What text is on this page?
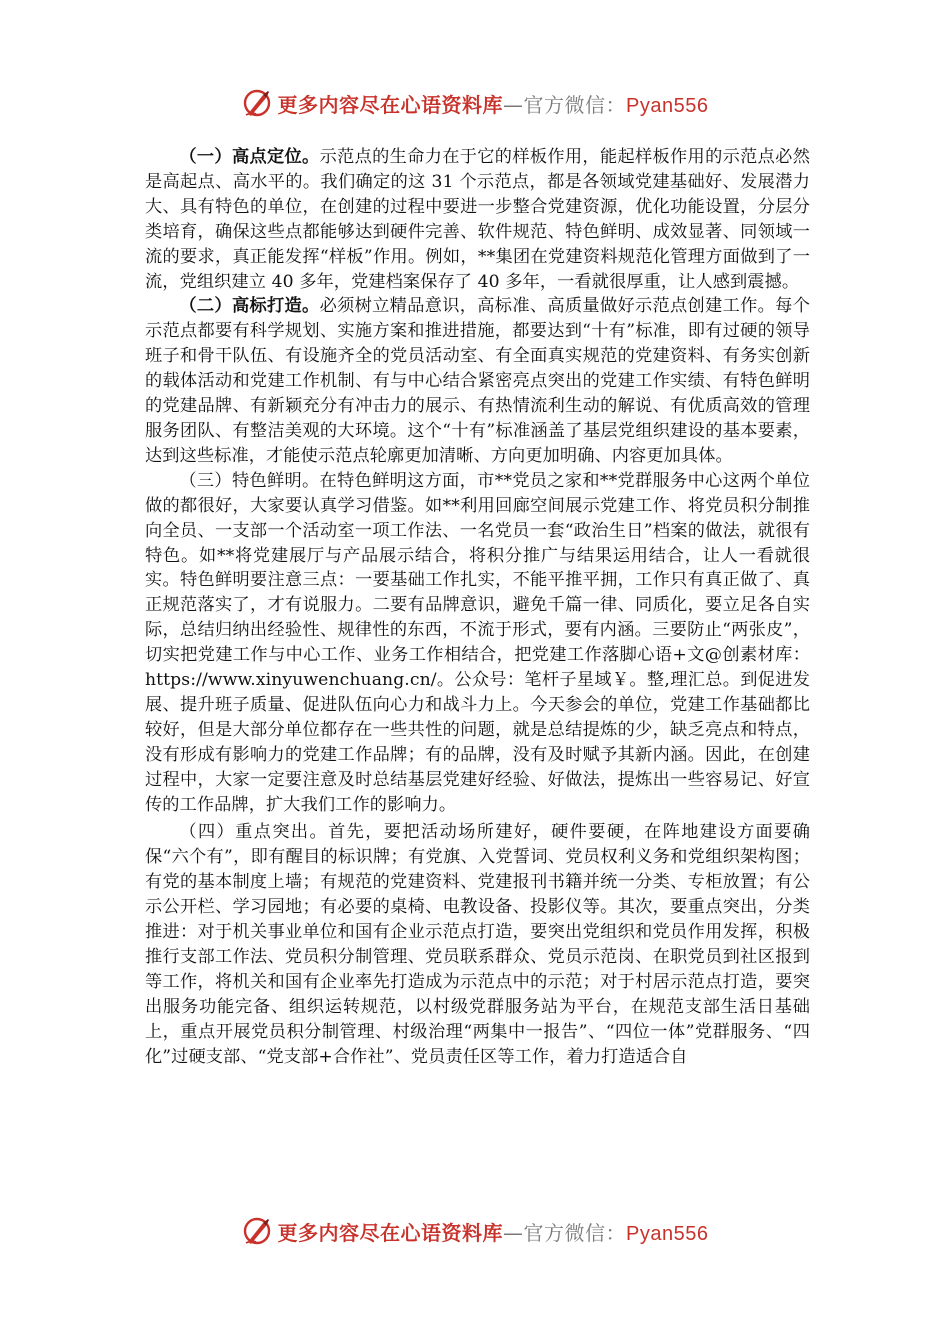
更多内容尽在心语资料库—官方微信：Pyan556

（一）高点定位。示范点的生命力在于它的样板作用，能起样板作用的示范点必然是高起点、高水平的。我们确定的这 31 个示范点，都是各领域党建基础好、发展潜力大、具有特色的单位，在创建的过程中要进一步整合党建资源，优化功能设置，分层分类培育，确保这些点都能够达到硬件完善、软件规范、特色鲜明、成效显著、同领域一流的要求，真正能发挥“样板”作用。例如，**集团在党建资料规范化管理方面做到了一流，党组织建立 40 多年，党建档案保存了 40 多年，一看就很厚重，让人感到震撼。

（二）高标打造。必须树立精品意识，高标准、高质量做好示范点创建工作。每个示范点都要有科学规划、实施方案和推进措施，都要达到“十有”标准，即有过硬的领导班子和骨干队伍、有设施齐全的党员活动室、有全面真实规范的党建资料、有务实创新的载体活动和党建工作机制、有与中心结合紧密亮点突出的党建工作实绩、有特色鲜明的党建品牌、有新颖充分有冲击力的展示、有热情流利生动的解说、有优质高效的管理服务团队、有整洁美观的大环境。这个“十有”标准涵盖了基层党组织建设的基本要素，达到这些标准，才能使示范点轮廓更加清晰、方向更加明确、内容更加具体。

（三）特色鲜明。在特色鲜明这方面，市**党员之家和**党群服务中心这两个单位做的都很好，大家要认真学习借鉴。如**利用回廊空间展示党建工作、将党员积分制推向全员、一支部一个活动室一项工作法、一名党员一套“政治生日”档案的做法，就很有特色。如**将党建展厅与产品展示结合，将积分推广与结果运用结合，让人一看就很实。特色鲜明要注意三点：一要基础工作扎实，不能平推平拥，工作只有真正做了、真正规范落实了，才有说服力。二要有品牌意识，避免千篇一律、同质化，要立足各自实际，总结归纳出经验性、规律性的东西，不流于形式，要有内涵。三要防止“两张皮”，切实把党建工作与中心工作、业务工作相结合，把党建工作落脚心语+文@创素材库：https://www.xinyuwenchuang.cn/。公众号：笔杆子星域￥。整,理汇总。到促进发展、提升班子质量、促进队伍向心力和战斗力上。今天参会的单位，党建工作基础都比较好，但是大部分单位都存在一些共性的问题，就是总结提炼的少，缺乏亮点和特点，没有形成有影响力的党建工作品牌；有的品牌，没有及时赋予其新内涵。因此，在创建过程中，大家一定要注意及时总结基层党建好经验、好做法，提炼出一些容易记、好宣传的工作品牌，扩大我们工作的影响力。

（四）重点突出。首先，要把活动场所建好，硬件要硬，在阵地建设方面要确保“六个有”，即有醒目的标识牌；有党旗、入党誓词、党员权利义务和党组织架构图；有党的基本制度上墙；有规范的党建资料、党建报刊书籍并统一分类、专柜放置；有公示公开栏、学习园地；有必要的桌椅、电教设备、投影仪等。其次，要重点突出，分类推进：对于机关事业单位和国有企业示范点打造，要突出党组织和党员作用发挥，积极推行支部工作法、党员积分制管理、党员联系群众、党员示范岗、在职党员到社区报到等工作，将机关和国有企业率先打造成为示范点中的示范；对于村居示范点打造，要突出服务功能完备、组织运转规范，以村级党群服务站为平台，在规范支部生活日基础上，重点开展党员积分制管理、村级治理“两集中一报告”、“四位一体”党群服务、“四化”过硬支部、“党支部+合作社”、党员责任区等工作，着力打造适合自

更多内容尽在心语资料库—官方微信：Pyan556
